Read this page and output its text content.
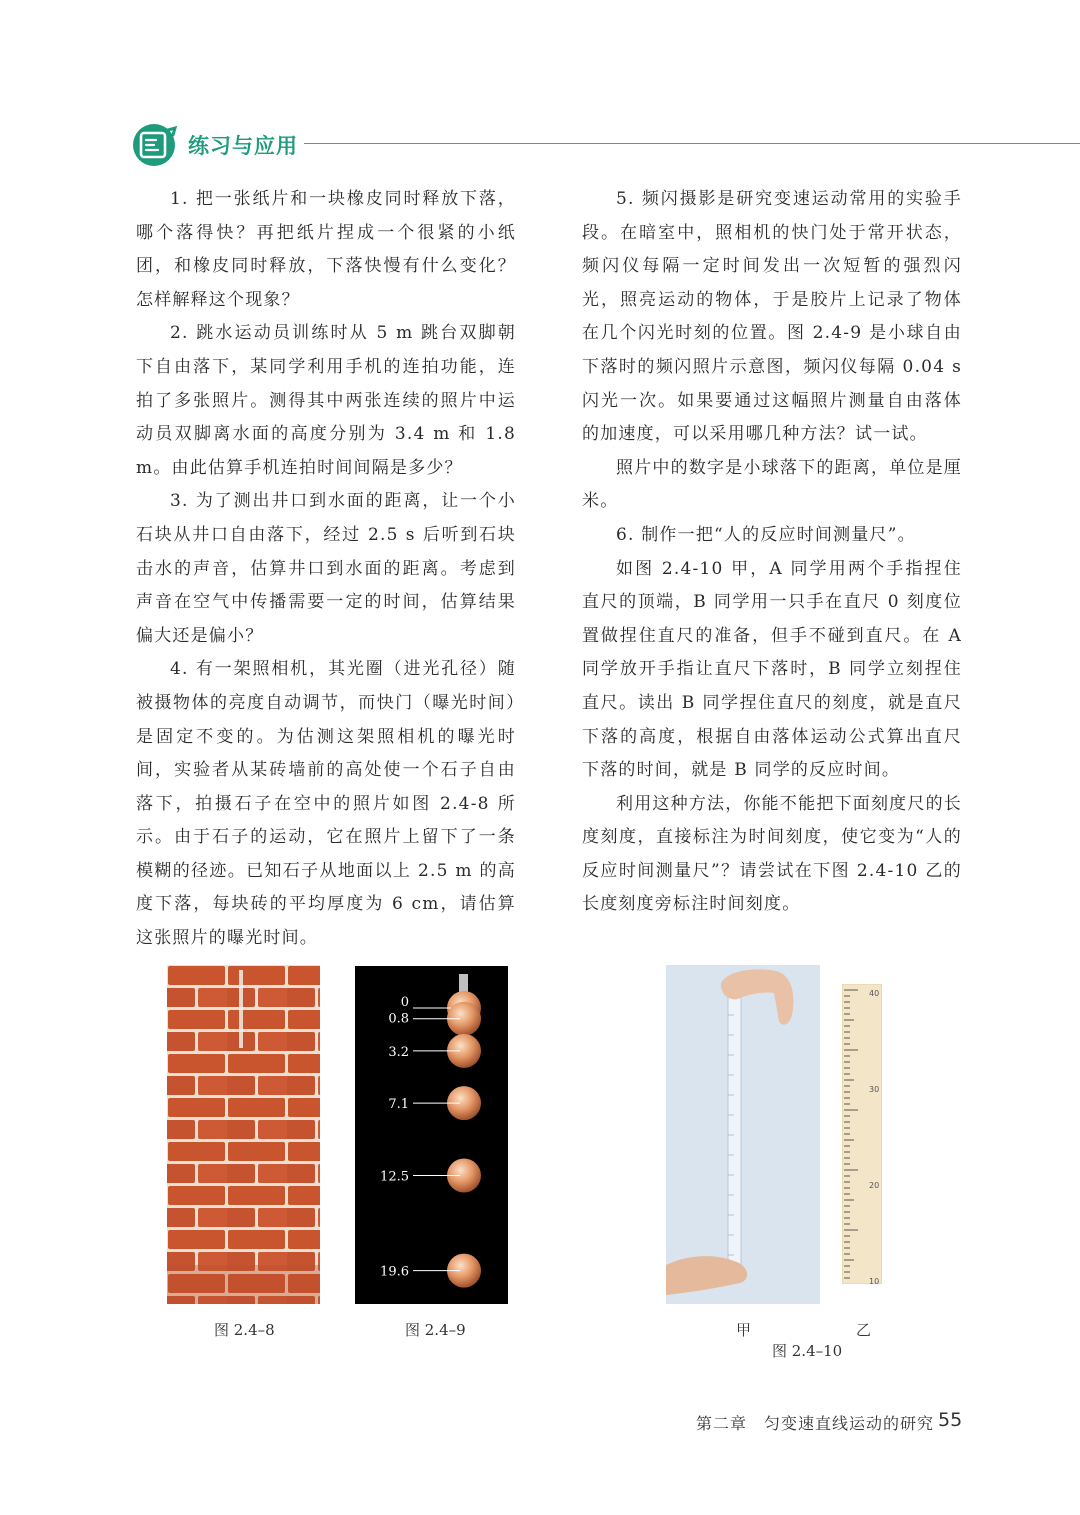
练习与应用

1. 把一张纸片和一块橡皮同时释放下落，哪个落得快？再把纸片捏成一个很紧的小纸团，和橡皮同时释放，下落快慢有什么变化？怎样解释这个现象？

2. 跳水运动员训练时从 5 m 跳台双脚朝下自由落下，某同学利用手机的连拍功能，连拍了多张照片。测得其中两张连续的照片中运动员双脚离水面的高度分别为 3.4 m 和 1.8 m。由此估算手机连拍时间间隔是多少？

3. 为了测出井口到水面的距离，让一个小石块从井口自由落下，经过 2.5 s 后听到石块击水的声音，估算井口到水面的距离。考虑到声音在空气中传播需要一定的时间，估算结果偏大还是偏小？

4. 有一架照相机，其光圈（进光孔径）随被摄物体的亮度自动调节，而快门（曝光时间）是固定不变的。为估测这架照相机的曝光时间，实验者从某砖墙前的高处使一个石子自由落下，拍摄石子在空中的照片如图 2.4-8 所示。由于石子的运动，它在照片上留下了一条模糊的径迹。已知石子从地面以上 2.5 m 的高度下落，每块砖的平均厚度为 6 cm，请估算这张照片的曝光时间。

5. 频闪摄影是研究变速运动常用的实验手段。在暗室中，照相机的快门处于常开状态，频闪仪每隔一定时间发出一次短暂的强烈闪光，照亮运动的物体，于是胶片上记录了物体在几个闪光时刻的位置。图 2.4-9 是小球自由下落时的频闪照片示意图，频闪仪每隔 0.04 s 闪光一次。如果要通过这幅照片测量自由落体的加速度，可以采用哪几种方法？试一试。

照片中的数字是小球落下的距离，单位是厘米。

6. 制作一把“人的反应时间测量尺”。

如图 2.4-10 甲，A 同学用两个手指捏住直尺的顶端，B 同学用一只手在直尺 0 刻度位置做捏住直尺的准备，但手不碰到直尺。在 A 同学放开手指让直尺下落时，B 同学立刻捏住直尺。读出 B 同学捏住直尺的刻度，就是直尺下落的高度，根据自由落体运动公式算出直尺下落的时间，就是 B 同学的反应时间。

利用这种方法，你能不能把下面刻度尺的长度刻度，直接标注为时间刻度，使它变为“人的反应时间测量尺”？请尝试在下图 2.4-10 乙的长度刻度旁标注时间刻度。

图 2.4–8
0
0.8
3.2
7.1
12.5
19.6
图 2.4–9
40
30
20
10
甲	乙
图 2.4–10
第二章　匀变速直线运动的研究 55
